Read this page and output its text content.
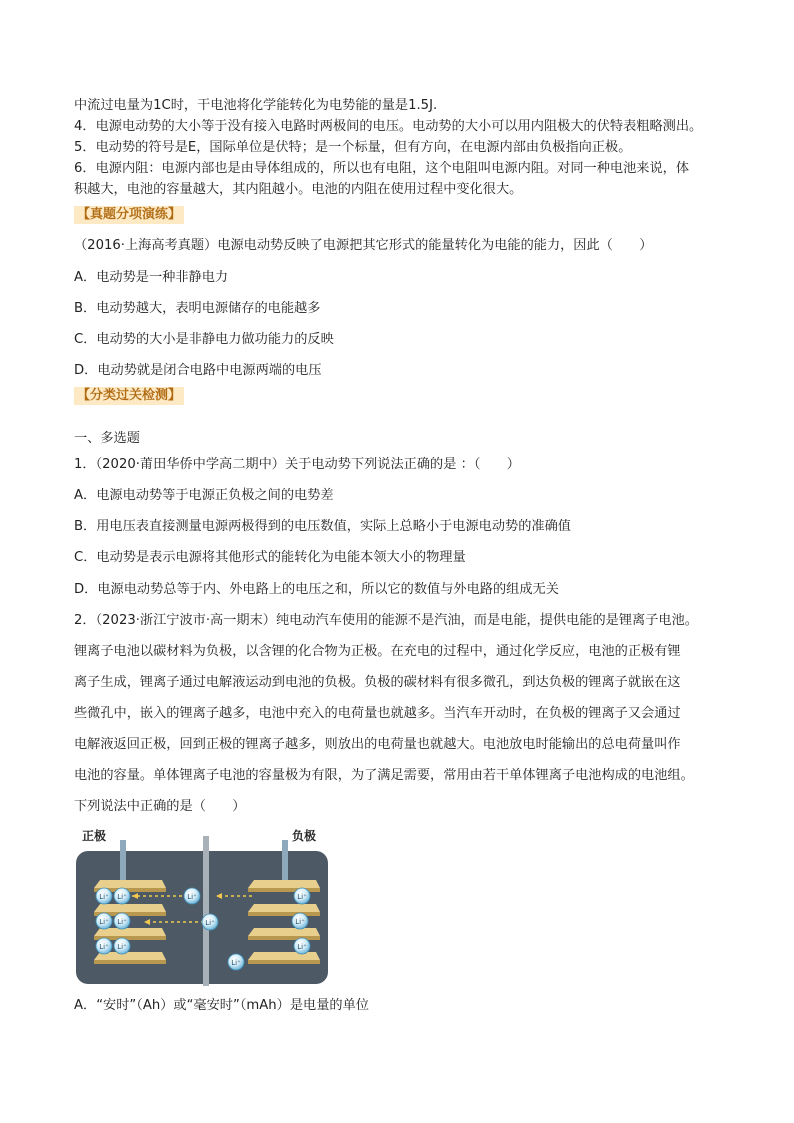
中流过电量为1C时，干电池将化学能转化为电势能的量是1.5J.
4．电源电动势的大小等于没有接入电路时两极间的电压。电动势的大小可以用内阻极大的伏特表粗略测出。
5．电动势的符号是E，国际单位是伏特；是一个标量，但有方向，在电源内部由负极指向正极。
6．电源内阻：电源内部也是由导体组成的，所以也有电阻，这个电阻叫电源内阻。对同一种电池来说，体
积越大，电池的容量越大，其内阻越小。电池的内阻在使用过程中变化很大。
【真题分项演练】
（2016·上海高考真题）电源电动势反映了电源把其它形式的能量转化为电能的能力，因此（　　）
A．电动势是一种非静电力
B．电动势越大，表明电源储存的电能越多
C．电动势的大小是非静电力做功能力的反映
D．电动势就是闭合电路中电源两端的电压
【分类过关检测】
一、多选题
1．（2020·莆田华侨中学高二期中）关于电动势下列说法正确的是 ：（　　）
A．电源电动势等于电源正负极之间的电势差
B．用电压表直接测量电源两极得到的电压数值，实际上总略小于电源电动势的准确值
C．电动势是表示电源将其他形式的能转化为电能本领大小的物理量
D．电源电动势总等于内、外电路上的电压之和，所以它的数值与外电路的组成无关
2．（2023·浙江宁波市·高一期末）纯电动汽车使用的能源不是汽油，而是电能，提供电能的是锂离子电池。
锂离子电池以碳材料为负极，以含锂的化合物为正极。在充电的过程中，通过化学反应，电池的正极有锂
离子生成，锂离子通过电解液运动到电池的负极。负极的碳材料有很多微孔，到达负极的锂离子就嵌在这
些微孔中，嵌入的锂离子越多，电池中充入的电荷量也就越多。当汽车开动时，在负极的锂离子又会通过
电解液返回正极，回到正极的锂离子越多，则放出的电荷量也就越大。电池放电时能输出的总电荷量叫作
电池的容量。单体锂离子电池的容量极为有限，为了满足需要，常用由若干单体锂离子电池构成的电池组。
下列说法中正确的是（　　）
正极	负极
Li⁺ Li⁺
Li⁺ Li⁺
Li⁺ Li⁺
Li⁺
Li⁺
Li⁺
Li⁺
Li⁺
Li⁺
A．“安时”（Ah）或“毫安时”（mAh）是电量的单位
